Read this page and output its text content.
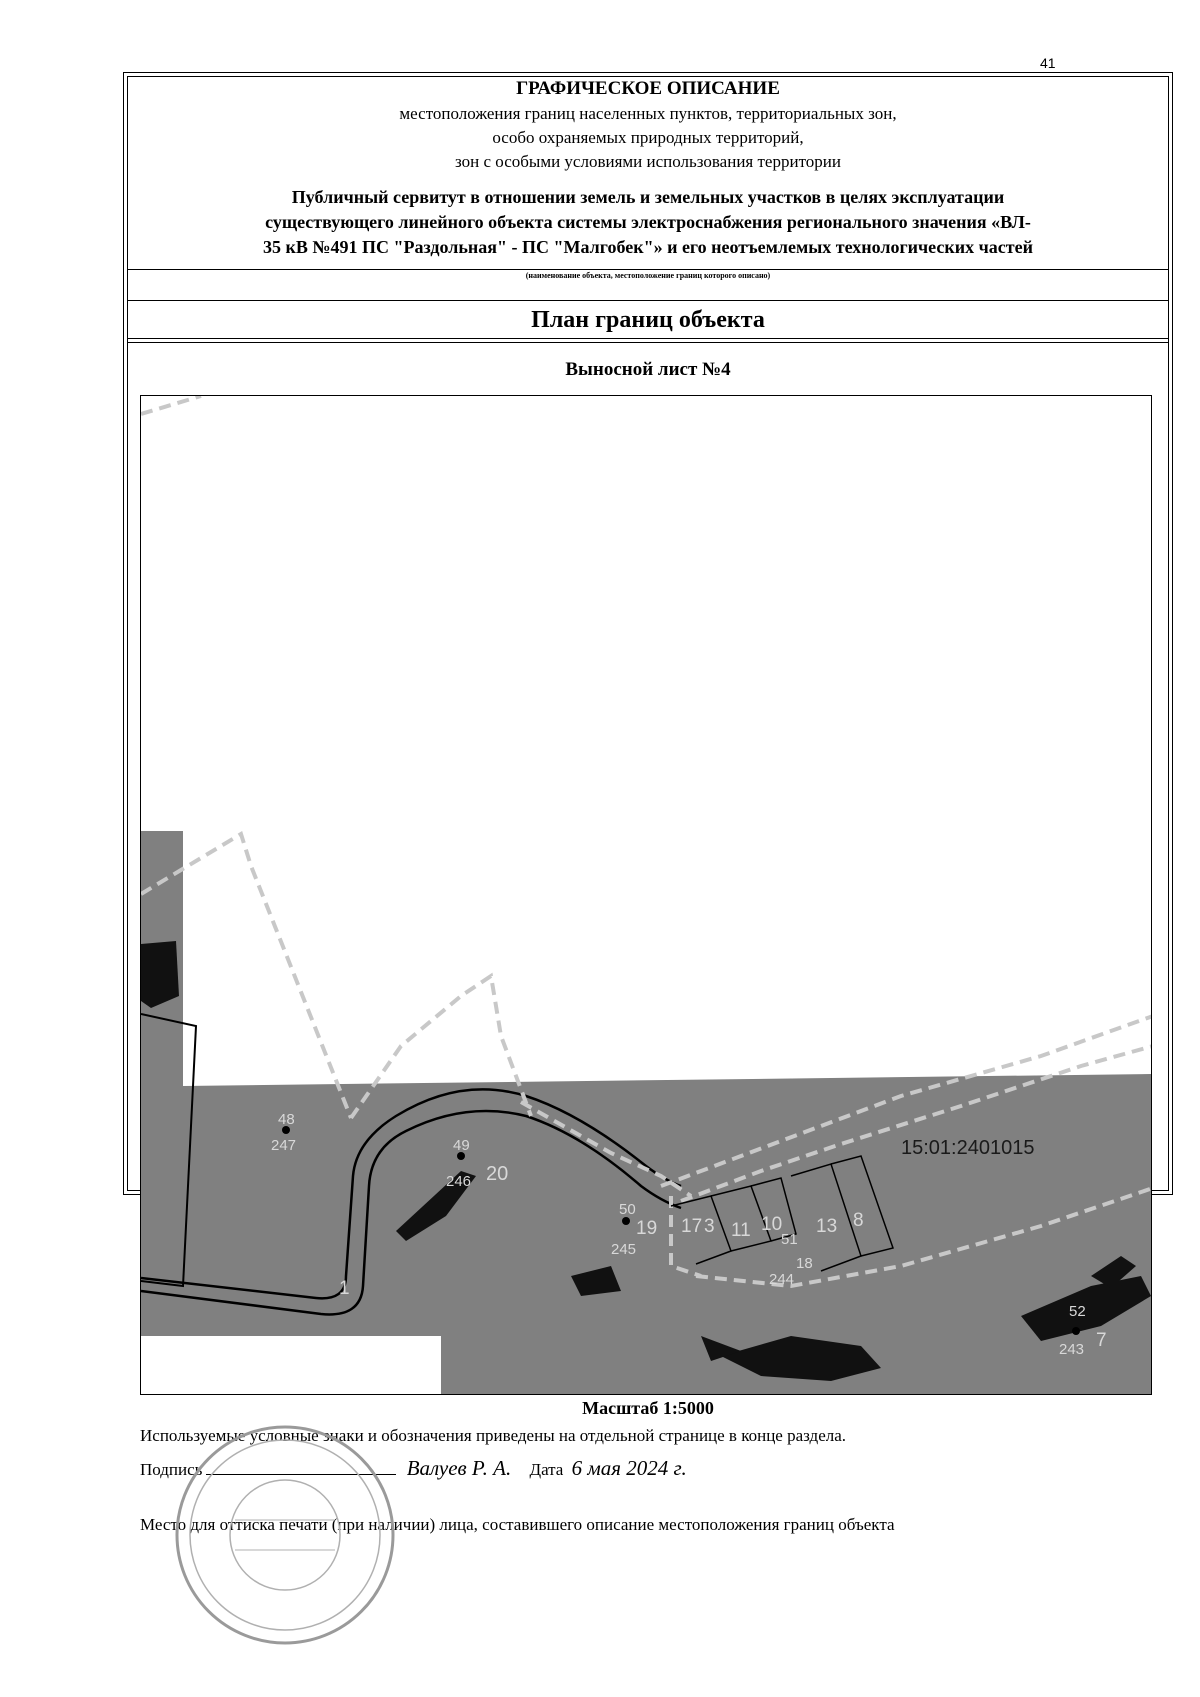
41
ГРАФИЧЕСКОЕ ОПИСАНИЕ
местоположения границ населенных пунктов, территориальных зон,
особо охраняемых природных территорий,
зон с особыми условиями использования территории
Публичный сервитут в отношении земель и земельных участков в целях эксплуатации
существующего линейного объекта системы электроснабжения регионального значения «ВЛ-
35 кВ №491 ПС "Раздольная" - ПС "Малгобек"» и его неотъемлемых технологических частей
(наименование объекта, местоположение границ которого описано)
План границ объекта
Выносной лист №4
15:01:2401015
48
247	49
246 20
50
19
245
17 3 11 10
51
13 8
18
244
52
243 7
1
Масштаб 1:5000
Используемые условные знаки и обозначения приведены на отдельной странице в конце раздела.
Подпись	Валуев Р. А. Дата 6 мая 2024 г.
Место для оттиска печати (при наличии) лица, составившего описание местоположения границ объекта
